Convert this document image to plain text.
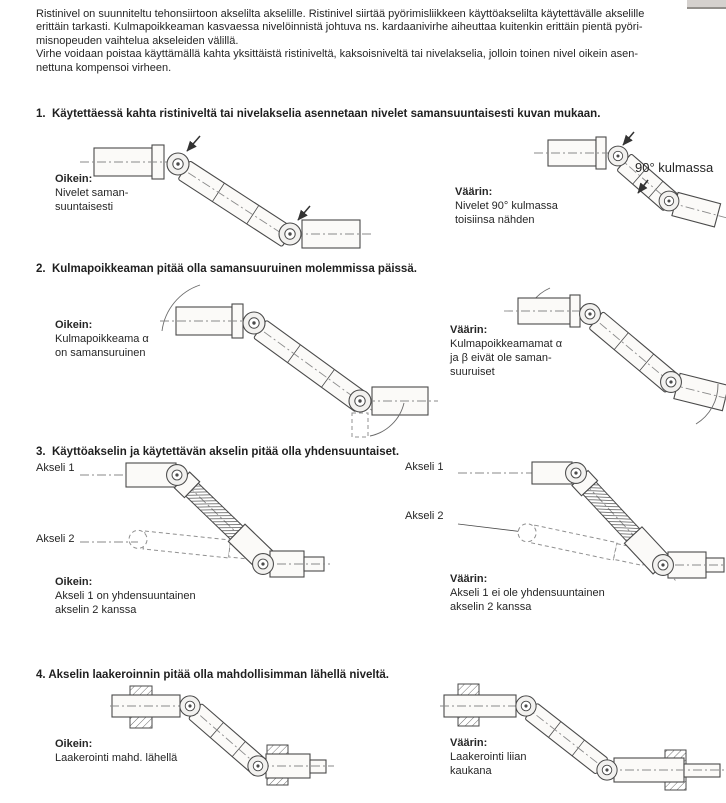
Ristinivel on suunniteltu tehonsiirtoon akselilta akselille. Ristinivel siirtää pyörimisliikkeen käyttöakselilta käytettävälle akselille
erittäin tarkasti. Kulmapoikkeaman kasvaessa nivelöinnistä johtuva ns. kardaanivirhe aiheuttaa kuitenkin erittäin pientä pyöri-
misnopeuden vaihtelua akseleiden välillä.
Virhe voidaan poistaa käyttämällä kahta yksittäistä ristiniveltä, kaksoisniveltä tai nivelakselia, jolloin toinen nivel oikein asen-
nettuna kompensoi virheen.
1.  Käytettäessä kahta ristiniveltä tai nivelakselia asennetaan nivelet samansuuntaisesti kuvan mukaan.
Oikein:
Nivelet saman-
suuntaisesti
90° kulmassa
Väärin:
Nivelet 90° kulmassa
toisiinsa nähden
2.  Kulmapoikkeaman pitää olla samansuuruinen molemmissa päissä.
Oikein:
Kulmapoikkeama α
on samansuruinen
Väärin:
Kulmapoikkeamamat α
ja β eivät ole saman-
suuruiset
3.  Käyttöakselin ja käytettävän akselin pitää olla yhdensuuntaiset.
Akseli 1
Akseli 2
Oikein:
Akseli 1 on yhdensuuntainen
akselin 2 kanssa
Akseli 1
Akseli 2
Väärin:
Akseli 1 ei ole yhdensuuntainen
akselin 2 kanssa
4. Akselin laakeroinnin pitää olla mahdollisimman lähellä niveltä.
Oikein:
Laakerointi mahd. lähellä
Väärin:
Laakerointi liian
kaukana
